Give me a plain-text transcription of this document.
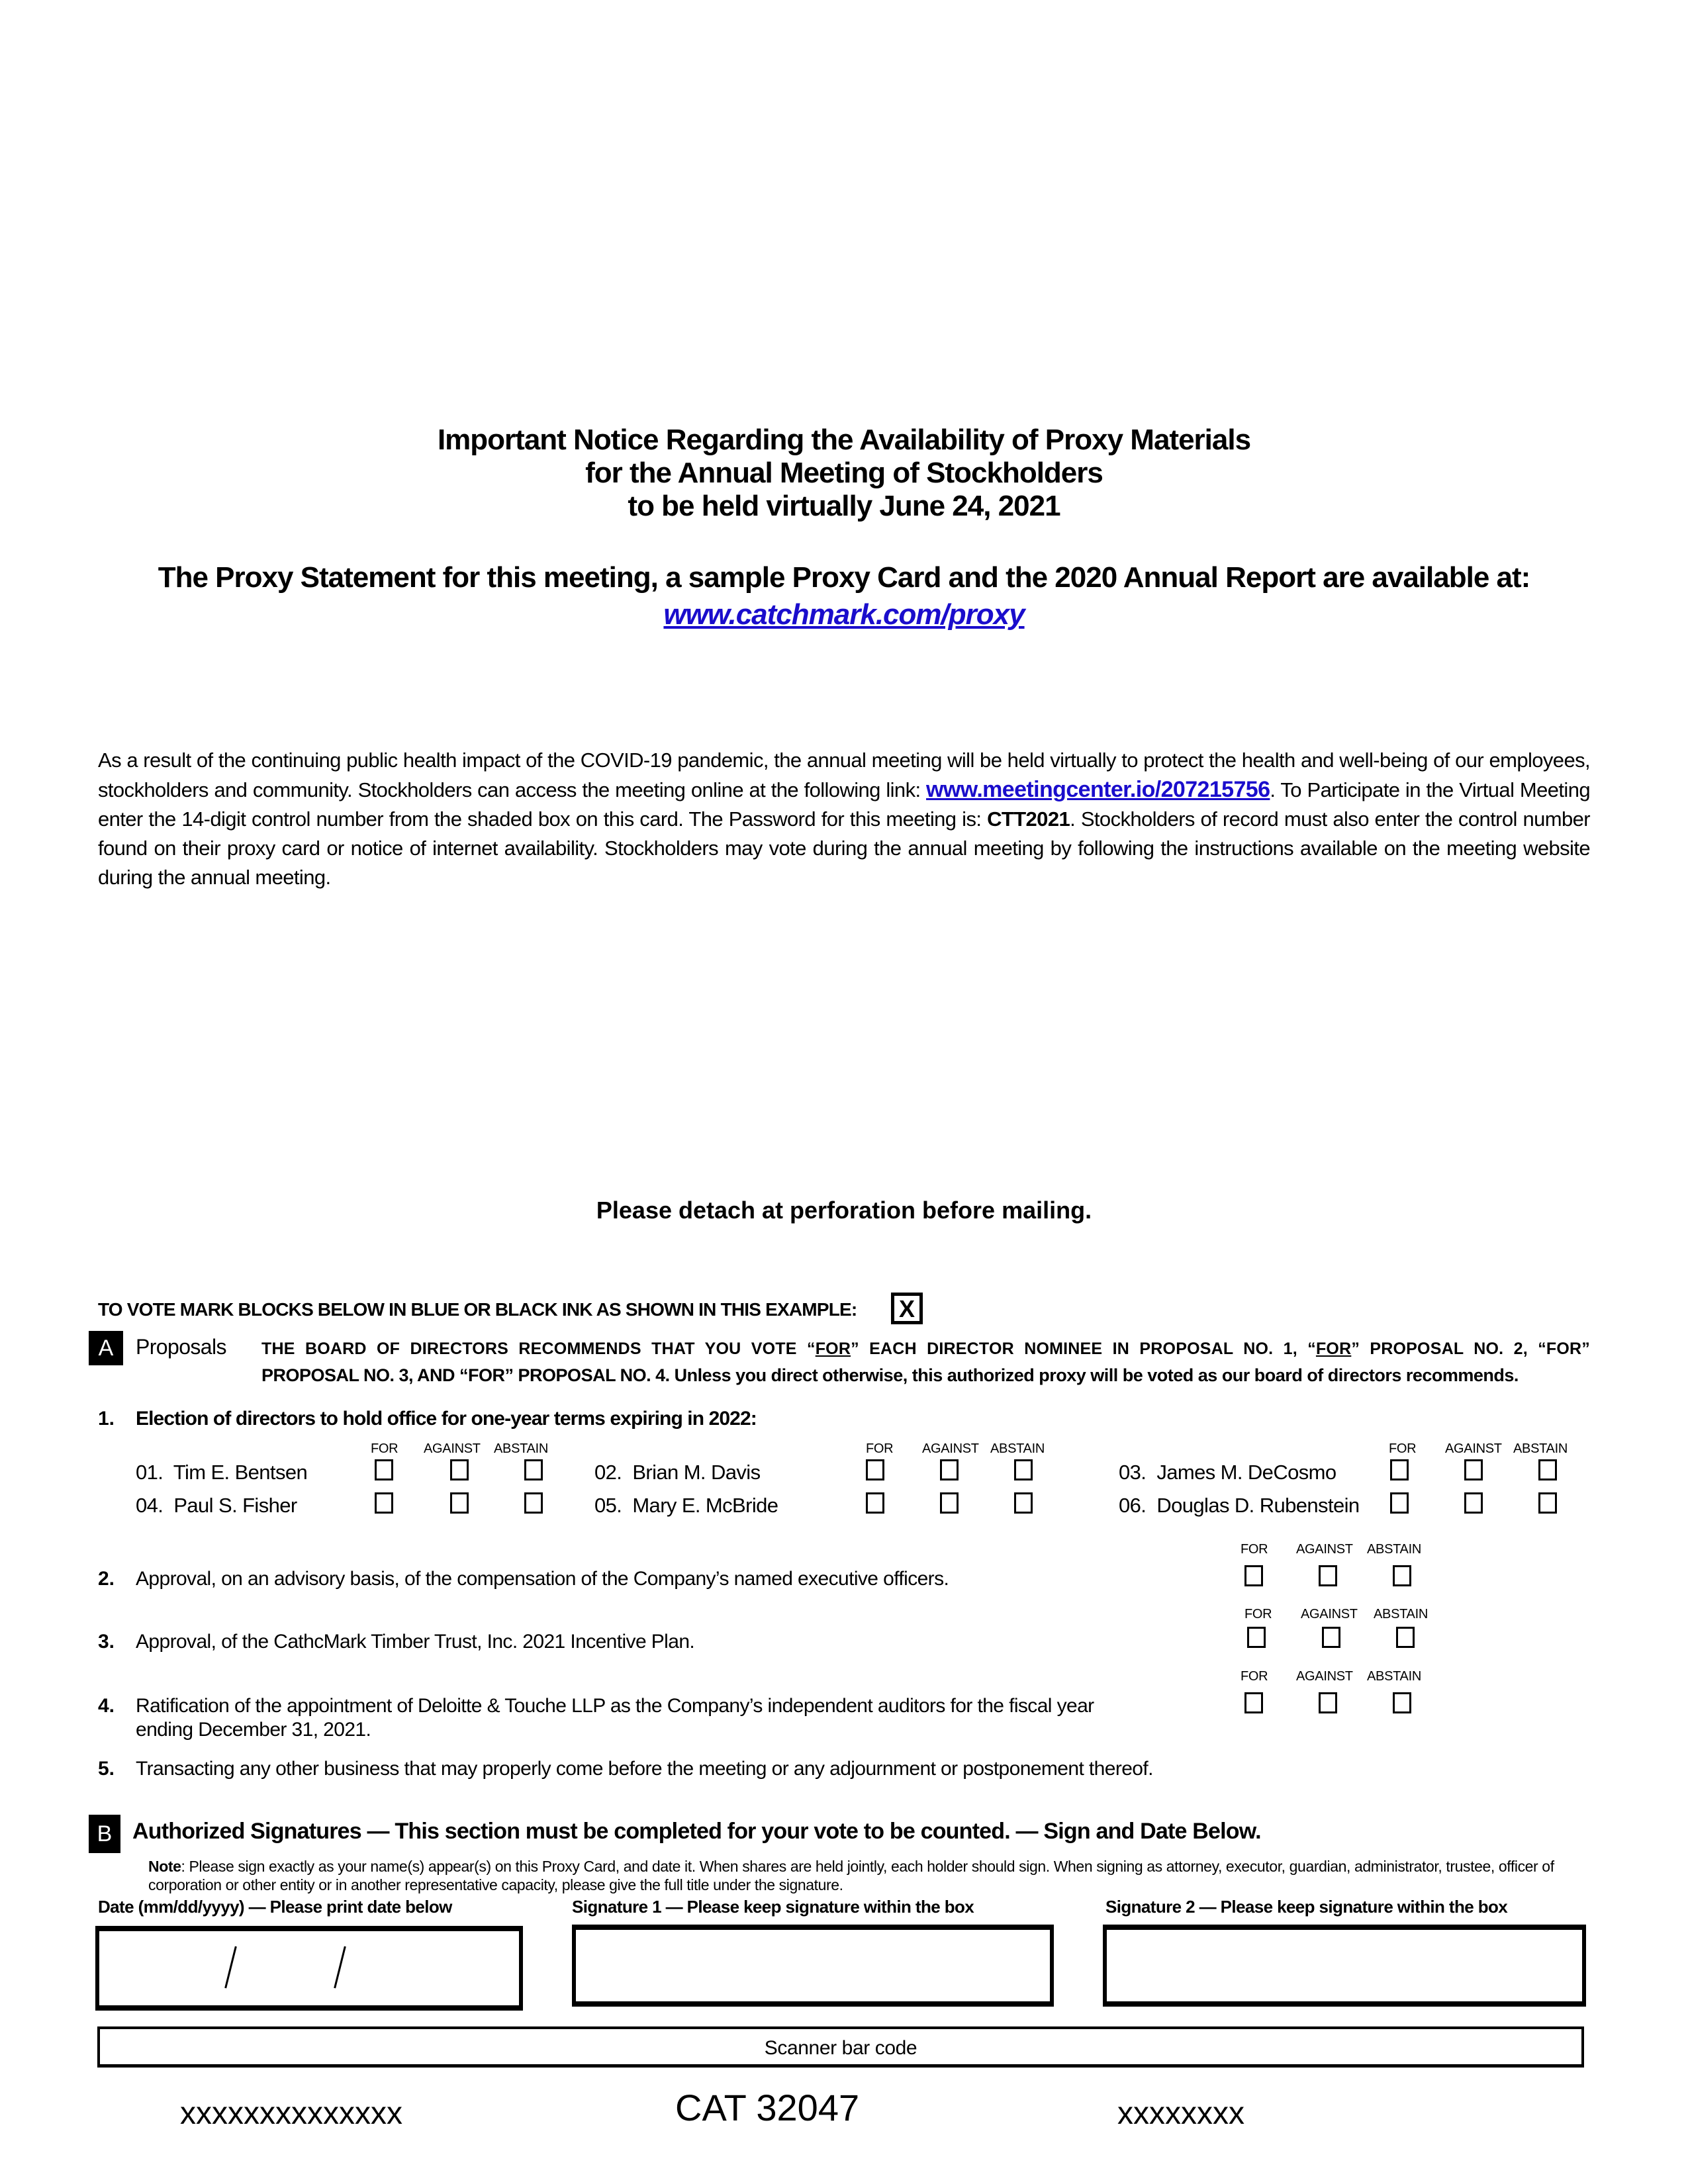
Important Notice Regarding the Availability of Proxy Materials
for the Annual Meeting of Stockholders
to be held virtually June 24, 2021
The Proxy Statement for this meeting, a sample Proxy Card and the 2020 Annual Report are available at:
www.catchmark.com/proxy
As a result of the continuing public health impact of the COVID-19 pandemic, the annual meeting will be held virtually to protect the health and well-being of our employees, stockholders and community. Stockholders can access the meeting online at the following link: www.meetingcenter.io/207215756. To Participate in the Virtual Meeting enter the 14-digit control number from the shaded box on this card. The Password for this meeting is: CTT2021. Stockholders of record must also enter the control number found on their proxy card or notice of internet availability. Stockholders may vote during the annual meeting by following the instructions available on the meeting website during the annual meeting.
Please detach at perforation before mailing.
TO VOTE MARK BLOCKS BELOW IN BLUE OR BLACK INK AS SHOWN IN THIS EXAMPLE:	X
A	Proposals THE BOARD OF DIRECTORS RECOMMENDS THAT YOU VOTE “FOR” EACH DIRECTOR NOMINEE IN PROPOSAL NO. 1, “FOR” PROPOSAL NO. 2, “FOR”
PROPOSAL NO. 3, AND “FOR” PROPOSAL NO. 4. Unless you direct otherwise, this authorized proxy will be voted as our board of directors recommends.
1. Election of directors to hold office for one-year terms expiring in 2022:
FOR AGAINST ABSTAIN	FOR AGAINST ABSTAIN	FOR AGAINST ABSTAIN
01. Tim E. Bentsen	02. Brian M. Davis	03. James M. DeCosmo
04. Paul S. Fisher	05. Mary E. McBride	06. Douglas D. Rubenstein
FOR AGAINST ABSTAIN
2. Approval, on an advisory basis, of the compensation of the Company’s named executive officers.
FOR AGAINST ABSTAIN
3. Approval, of the CathcMark Timber Trust, Inc. 2021 Incentive Plan.
FOR AGAINST ABSTAIN
4. Ratification of the appointment of Deloitte & Touche LLP as the Company’s independent auditors for the fiscal year
ending December 31, 2021.
5. Transacting any other business that may properly come before the meeting or any adjournment or postponement thereof.
B Authorized Signatures — This section must be completed for your vote to be counted. — Sign and Date Below.
Note: Please sign exactly as your name(s) appear(s) on this Proxy Card, and date it. When shares are held jointly, each holder should sign. When signing as attorney, executor, guardian, administrator, trustee, officer of corporation or other entity or in another representative capacity, please give the full title under the signature.
Date (mm/dd/yyyy) — Please print date below	Signature 1 — Please keep signature within the box	Signature 2 — Please keep signature within the box
Scanner bar code
xxxxxxxxxxxxxx	CAT 32047	xxxxxxxx
